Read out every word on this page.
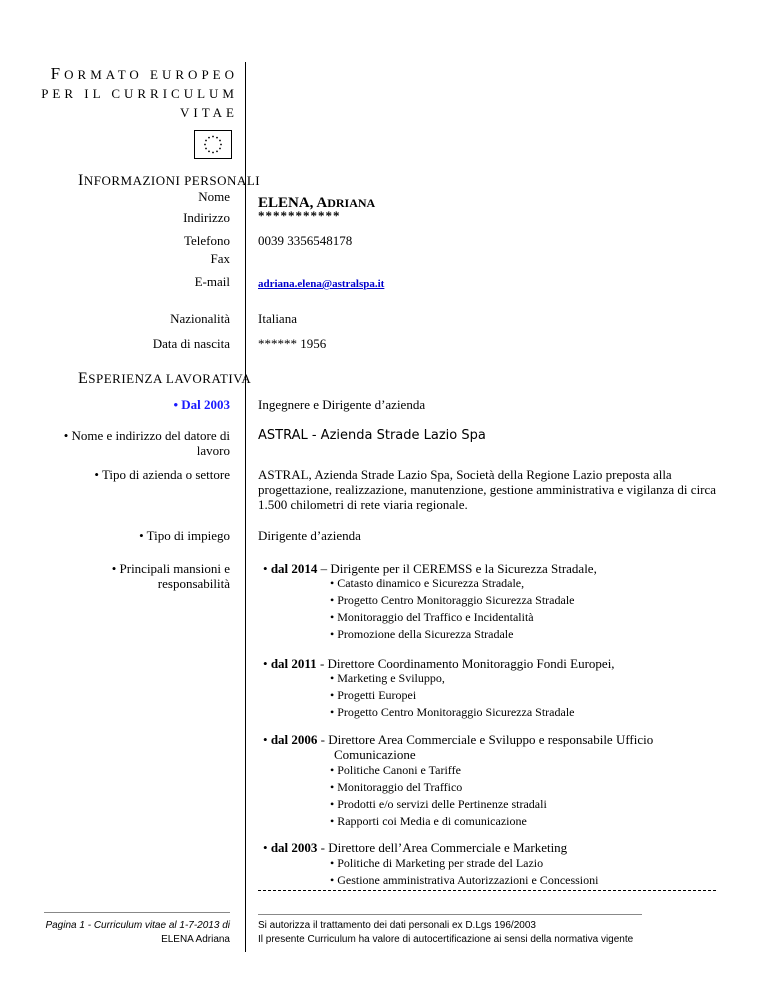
FORMATO EUROPEO
PER IL CURRICULUM
VITAE
INFORMAZIONI PERSONALI
Nome ELENA, ADRIANA
Indirizzo ***********
Telefono 0039 3356548178
Fax
E-mail	adriana.elena@astralspa.it
Nazionalità Italiana
Data di nascita ****** 1956
ESPERIENZA LAVORATIVA
• Dal 2003 Ingegnere e Dirigente d’azienda
• Nome e indirizzo del datore di
lavoro
ASTRAL - Azienda Strade Lazio Spa
• Tipo di azienda o settore ASTRAL, Azienda Strade Lazio Spa, Società della Regione Lazio preposta alla progettazione, realizzazione, manutenzione, gestione amministrativa e vigilanza di circa 1.500 chilometri di rete viaria regionale.
• Tipo di impiego Dirigente d’azienda
• Principali mansioni e
responsabilità
• dal 2014 – Dirigente per il CEREMSS e la Sicurezza Stradale,
• Catasto dinamico e Sicurezza Stradale,
• Progetto Centro Monitoraggio Sicurezza Stradale
• Monitoraggio del Traffico e Incidentalità
• Promozione della Sicurezza Stradale
• dal 2011 - Direttore Coordinamento Monitoraggio Fondi Europei,
• Marketing e Sviluppo,
• Progetti Europei
• Progetto Centro Monitoraggio Sicurezza Stradale
• dal 2006 - Direttore Area Commerciale e Sviluppo e responsabile Ufficio
Comunicazione
• Politiche Canoni e Tariffe
• Monitoraggio del Traffico
• Prodotti e/o servizi delle Pertinenze stradali
• Rapporti coi Media e di comunicazione
• dal 2003 - Direttore dell’Area Commerciale e Marketing
• Politiche di Marketing per strade del Lazio
• Gestione amministrativa Autorizzazioni e Concessioni
Pagina 1 - Curriculum vitae al 1-7-2013 di
ELENA Adriana
Si autorizza il trattamento dei dati personali ex D.Lgs 196/2003
Il presente Curriculum ha valore di autocertificazione ai sensi della normativa vigente
